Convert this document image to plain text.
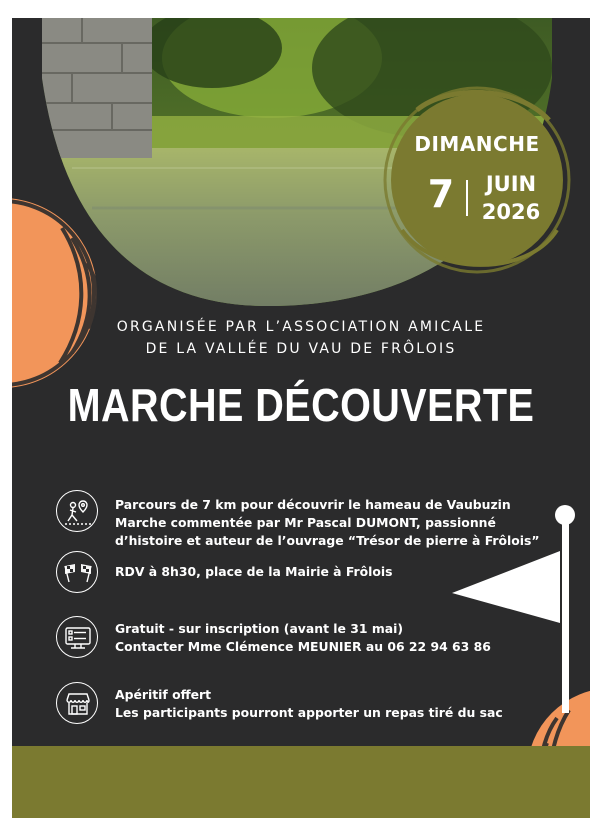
DIMANCHE
7	JUIN
2026
ORGANISÉE PAR L’ASSOCIATION AMICALE
DE LA VALLÉE DU VAU DE FRÔLOIS
MARCHE DÉCOUVERTE
Parcours de 7 km pour découvrir le hameau de Vaubuzin
Marche commentée par Mr Pascal DUMONT, passionné
d’histoire et auteur de l’ouvrage “Trésor de pierre à Frôlois”
RDV à 8h30, place de la Mairie à Frôlois
Gratuit - sur inscription (avant le 31 mai)
Contacter Mme Clémence MEUNIER au 06 22 94 63 86
Apéritif offert
Les participants pourront apporter un repas tiré du sac
